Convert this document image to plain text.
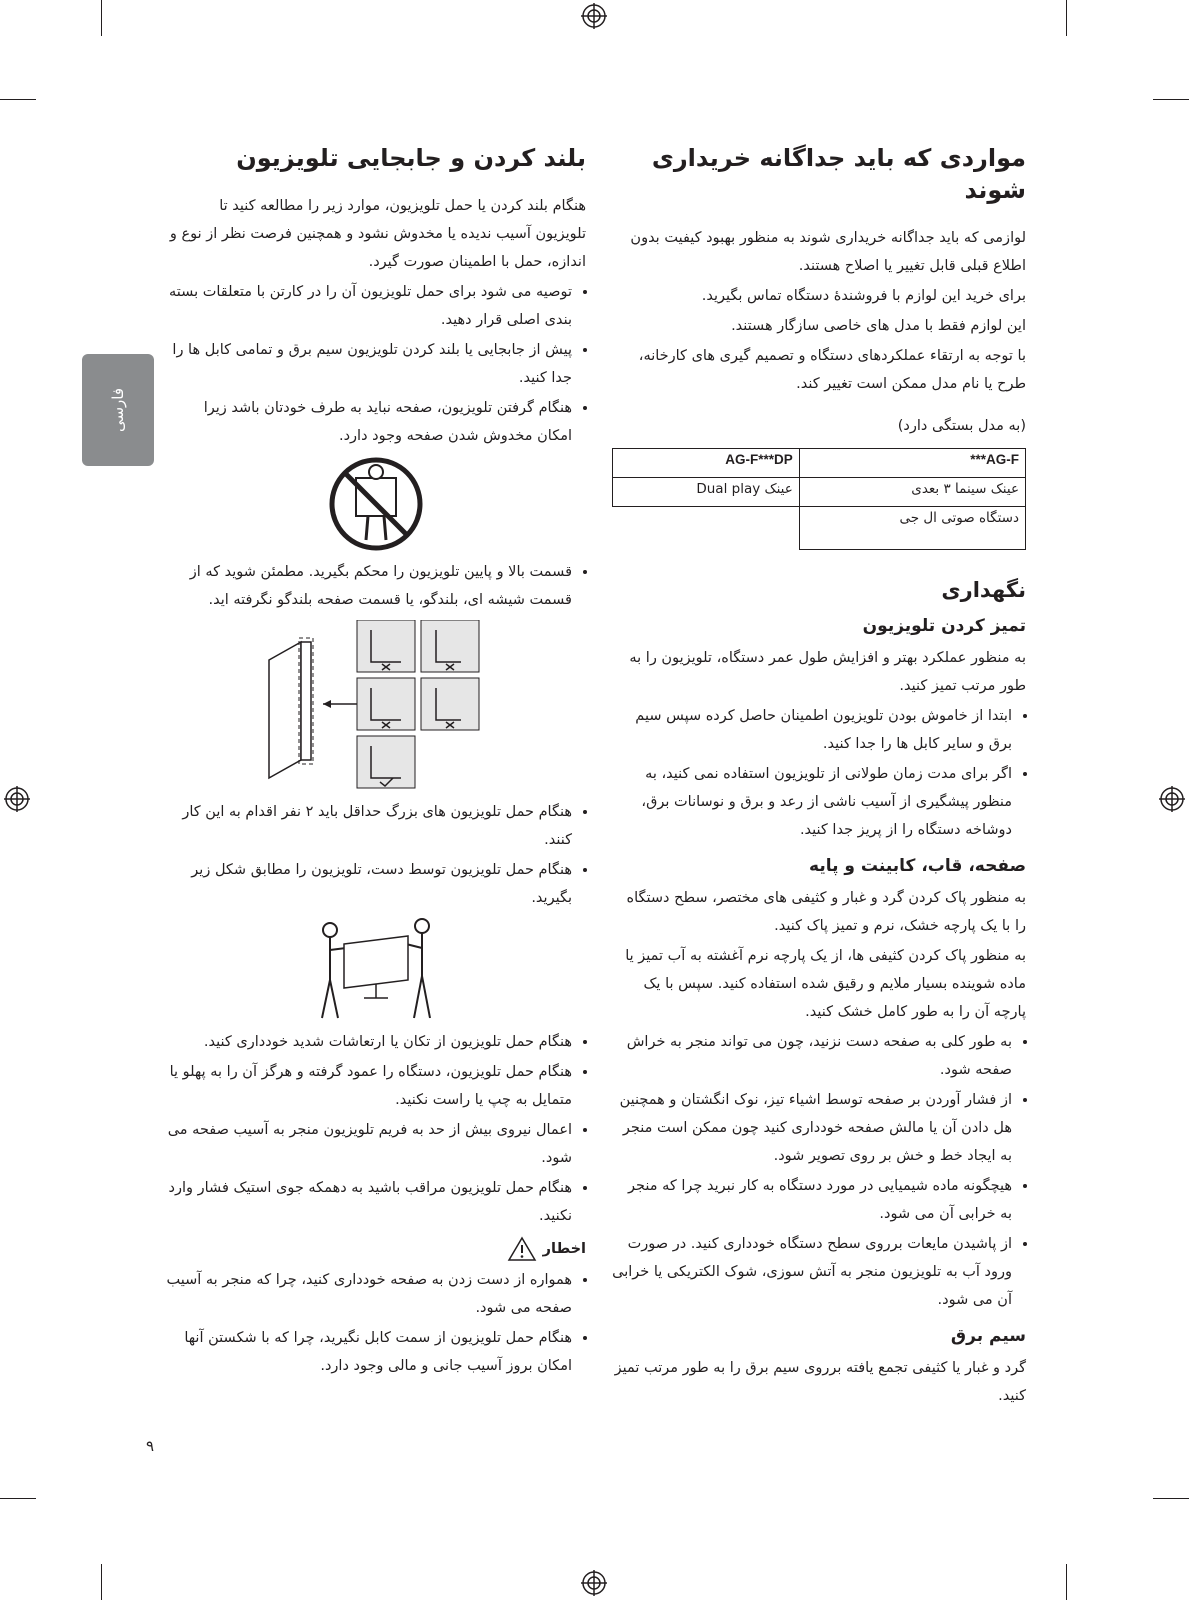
فارسی
مواردی که باید جداگانه خریداری شوند

لوازمی که باید جداگانه خریداری شوند به منظور بهبود کیفیت بدون اطلاع قبلی قابل تغییر یا اصلاح هستند.

برای خرید این لوازم با فروشندهٔ دستگاه تماس بگیرید.

این لوازم فقط با مدل های خاصی سازگار هستند.

با توجه به ارتقاء عملکردهای دستگاه و تصمیم گیری های کارخانه، طرح یا نام مدل ممکن است تغییر کند.

(به مدل بستگی دارد)

AG-F***	AG-F***DP
عینک سینما ۳ بعدی	عینک Dual play
دستگاه صوتی ال جی	
نگهداری
تمیز کردن تلویزیون

به منظور عملکرد بهتر و افزایش طول عمر دستگاه، تلویزیون را به طور مرتب تمیز کنید.

• ابتدا از خاموش بودن تلویزیون اطمینان حاصل کرده سپس سیم برق و سایر کابل ها را جدا کنید.
• اگر برای مدت زمان طولانی از تلویزیون استفاده نمی کنید، به منظور پیشگیری از آسیب ناشی از رعد و برق و نوسانات برق، دوشاخه دستگاه را از پریز جدا کنید.
صفحه، قاب، کابینت و پایه

به منظور پاک کردن گرد و غبار و کثیفی های مختصر، سطح دستگاه را با یک پارچه خشک، نرم و تمیز پاک کنید.

به منظور پاک کردن کثیفی ها، از یک پارچه نرم آغشته به آب تمیز یا ماده شوینده بسیار ملایم و رقیق شده استفاده کنید. سپس با یک پارچه آن را به طور کامل خشک کنید.

• به طور کلی به صفحه دست نزنید، چون می تواند منجر به خراش صفحه شود.
• از فشار آوردن بر صفحه توسط اشیاء تیز، نوک انگشتان و همچنین هل دادن آن یا مالش صفحه خودداری کنید چون ممکن است منجر به ایجاد خط و خش بر روی تصویر شود.
• هیچگونه ماده شیمیایی در مورد دستگاه به کار نبرید چرا که منجر به خرابی آن می شود.
• از پاشیدن مایعات برروی سطح دستگاه خودداری کنید. در صورت ورود آب به تلویزیون منجر به آتش سوزی، شوک الکتریکی یا خرابی آن می شود.
سیم برق

گرد و غبار یا کثیفی تجمع یافته برروی سیم برق را به طور مرتب تمیز کنید.

بلند کردن و جابجایی تلویزیون

هنگام بلند کردن یا حمل تلویزیون، موارد زیر را مطالعه کنید تا تلویزیون آسیب ندیده یا مخدوش نشود و همچنین فرصت نظر از نوع و اندازه، حمل با اطمینان صورت گیرد.

• توصیه می شود برای حمل تلویزیون آن را در کارتن با متعلقات بسته بندی اصلی قرار دهید.
• پیش از جابجایی یا بلند کردن تلویزیون سیم برق و تمامی کابل ها را جدا کنید.
• هنگام گرفتن تلویزیون، صفحه نباید به طرف خودتان باشد زیرا امکان مخدوش شدن صفحه وجود دارد.
• قسمت بالا و پایین تلویزیون را محکم بگیرید. مطمئن شوید که از قسمت شیشه ای، بلندگو، یا قسمت صفحه بلندگو نگرفته اید.
• هنگام حمل تلویزیون های بزرگ حداقل باید ۲ نفر اقدام به این کار کنند.
• هنگام حمل تلویزیون توسط دست، تلویزیون را مطابق شکل زیر بگیرید.
• هنگام حمل تلویزیون از تکان یا ارتعاشات شدید خودداری کنید.
• هنگام حمل تلویزیون، دستگاه را عمود گرفته و هرگز آن را به پهلو یا متمایل به چپ یا راست نکنید.
• اعمال نیروی بیش از حد به فریم تلویزیون منجر به آسیب صفحه می شود.
• هنگام حمل تلویزیون مراقب باشید به دهمکه جوی استیک فشار وارد نکنید.
اخطار
• همواره از دست زدن به صفحه خودداری کنید، چرا که منجر به آسیب صفحه می شود.
• هنگام حمل تلویزیون از سمت کابل نگیرید، چرا که با شکستن آنها امکان بروز آسیب جانی و مالی وجود دارد.
۹
